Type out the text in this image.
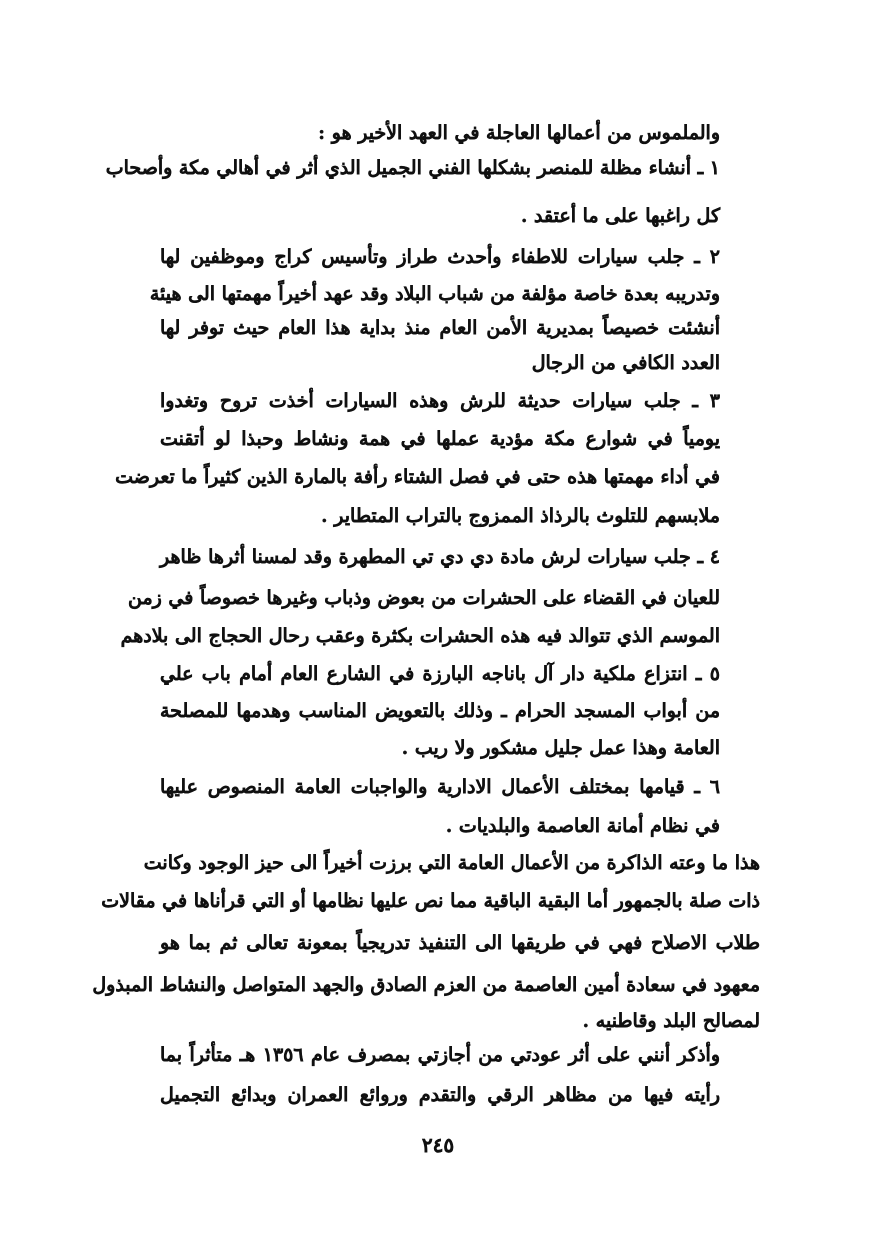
والملموس من أعمالها العاجلة في العهد الأخير هو :
١ ـ أنشاء مظلة للمنصر بشكلها الفني الجميل الذي أثر في أهالي مكة وأصحاب
كل راغبها على ما أعتقد .
٢ ـ جلب سيارات للاطفاء وأحدث طراز وتأسيس كراج وموظفين لها
وتدريبه بعدة خاصة مؤلفة من شباب البلاد وقد عهد أخيراً مهمتها الى هيئة
أنشئت خصيصاً بمديرية الأمن العام منذ بداية هذا العام حيث توفر لها
العدد الكافي من الرجال
٣ ـ جلب سيارات حديثة للرش وهذه السيارات أخذت تروح وتغدوا
يومياً في شوارع مكة مؤدية عملها في همة ونشاط وحبذا لو أتقنت
في أداء مهمتها هذه حتى في فصل الشتاء رأفة بالمارة الذين كثيراً ما تعرضت
ملابسهم للتلوث بالرذاذ الممزوج بالتراب المتطاير .
٤ ـ جلب سيارات لرش مادة دي دي تي المطهرة وقد لمسنا أثرها ظاهر
للعيان في القضاء على الحشرات من بعوض وذباب وغيرها خصوصاً في زمن
الموسم الذي تتوالد فيه هذه الحشرات بكثرة وعقب رحال الحجاج الى بلادهم
٥ ـ انتزاع ملكية دار آل باناجه البارزة في الشارع العام أمام باب علي
من أبواب المسجد الحرام ـ وذلك بالتعويض المناسب وهدمها للمصلحة
العامة وهذا عمل جليل مشكور ولا ريب .
٦ ـ قيامها بمختلف الأعمال الادارية والواجبات العامة المنصوص عليها
في نظام أمانة العاصمة والبلديات .
هذا ما وعته الذاكرة من الأعمال العامة التي برزت أخيراً الى حيز الوجود وكانت
ذات صلة بالجمهور أما البقية الباقية مما نص عليها نظامها أو التي قرأناها في مقالات
طلاب الاصلاح فهي في طريقها الى التنفيذ تدريجياً بمعونة تعالى ثم بما هو
معهود في سعادة أمين العاصمة من العزم الصادق والجهد المتواصل والنشاط المبذول
لمصالح البلد وقاطنيه .
وأذكر أنني على أثر عودتي من أجازتي بمصرف عام ١٣٥٦ هـ متأثراً بما
رأيته فيها من مظاهر الرقي والتقدم وروائع العمران وبدائع التجميل
٢٤٥
